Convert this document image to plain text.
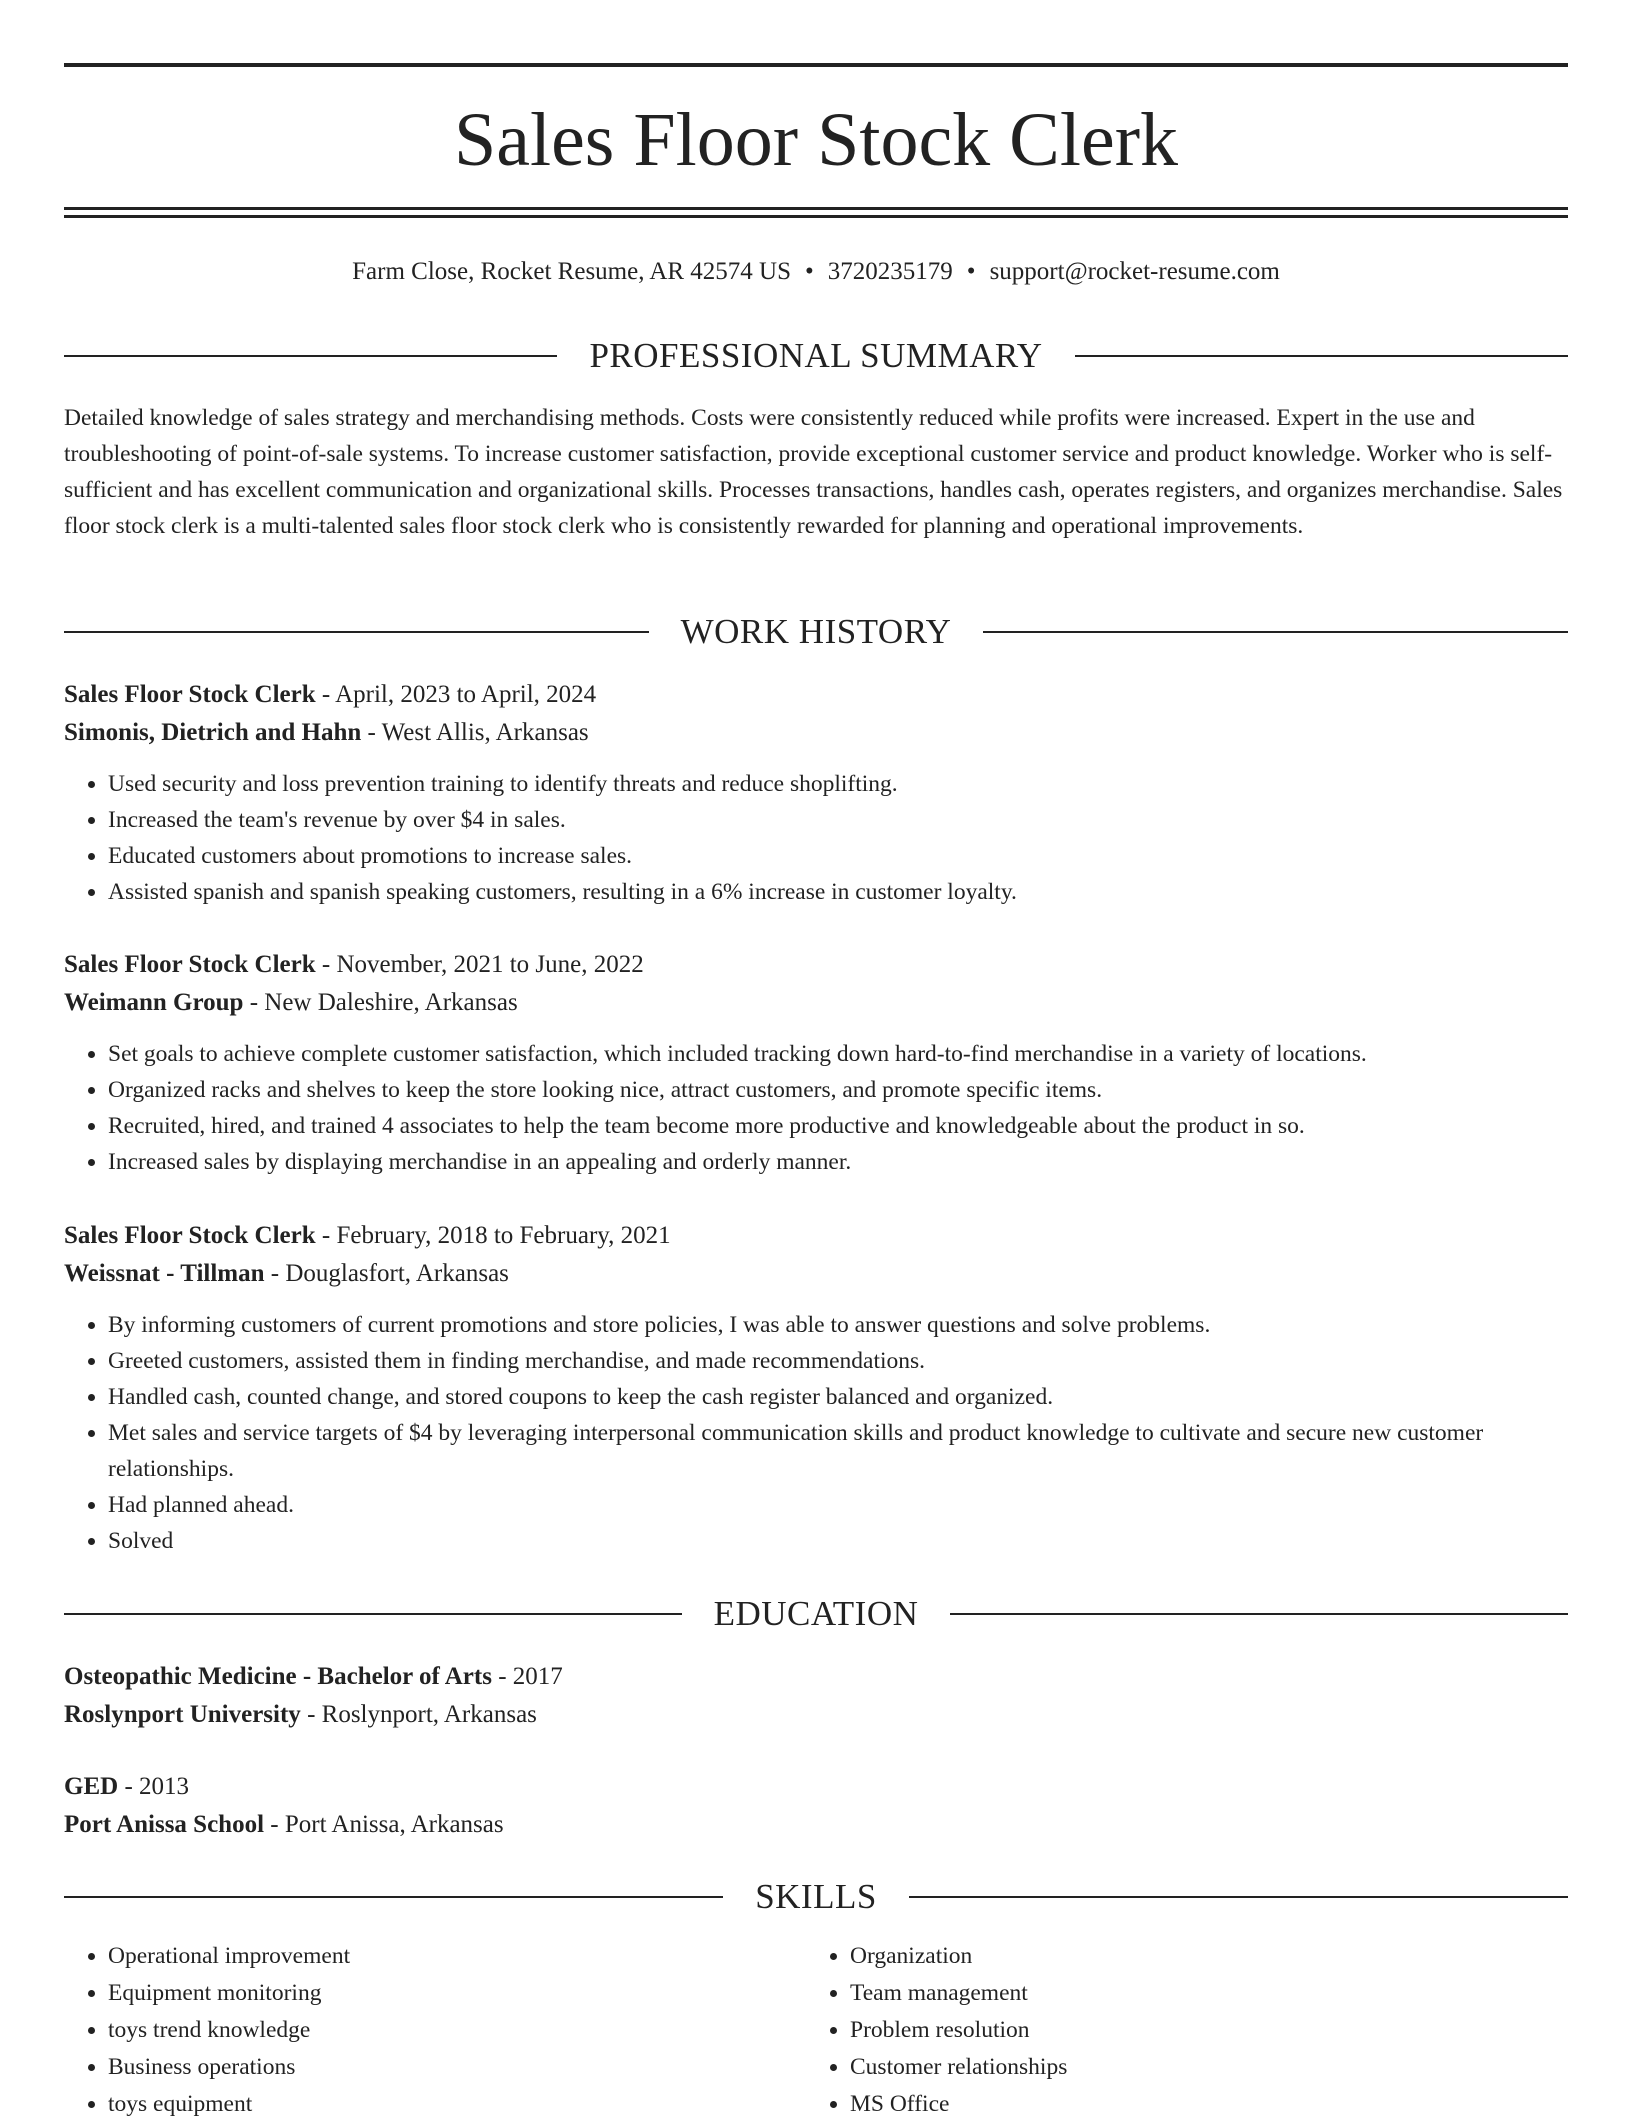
Sales Floor Stock Clerk
Farm Close, Rocket Resume, AR 42574 US • 3720235179 • support@rocket-resume.com
PROFESSIONAL SUMMARY

Detailed knowledge of sales strategy and merchandising methods. Costs were consistently reduced while profits were increased. Expert in the use and troubleshooting of point-of-sale systems. To increase customer satisfaction, provide exceptional customer service and product knowledge. Worker who is self-sufficient and has excellent communication and organizational skills. Processes transactions, handles cash, operates registers, and organizes merchandise. Sales floor stock clerk is a multi-talented sales floor stock clerk who is consistently rewarded for planning and operational improvements.

WORK HISTORY

Sales Floor Stock Clerk - April, 2023 to April, 2024

Simonis, Dietrich and Hahn - West Allis, Arkansas

• Used security and loss prevention training to identify threats and reduce shoplifting.
• Increased the team's revenue by over $4 in sales.
• Educated customers about promotions to increase sales.
• Assisted spanish and spanish speaking customers, resulting in a 6% increase in customer loyalty.

Sales Floor Stock Clerk - November, 2021 to June, 2022

Weimann Group - New Daleshire, Arkansas

• Set goals to achieve complete customer satisfaction, which included tracking down hard-to-find merchandise in a variety of locations.
• Organized racks and shelves to keep the store looking nice, attract customers, and promote specific items.
• Recruited, hired, and trained 4 associates to help the team become more productive and knowledgeable about the product in so.
• Increased sales by displaying merchandise in an appealing and orderly manner.

Sales Floor Stock Clerk - February, 2018 to February, 2021

Weissnat - Tillman - Douglasfort, Arkansas

• By informing customers of current promotions and store policies, I was able to answer questions and solve problems.
• Greeted customers, assisted them in finding merchandise, and made recommendations.
• Handled cash, counted change, and stored coupons to keep the cash register balanced and organized.
• Met sales and service targets of $4 by leveraging interpersonal communication skills and product knowledge to cultivate and secure new customer relationships.
• Had planned ahead.
• Solved
EDUCATION

Osteopathic Medicine - Bachelor of Arts - 2017

Roslynport University - Roslynport, Arkansas

GED - 2013

Port Anissa School - Port Anissa, Arkansas

SKILLS
• Operational improvement
• Equipment monitoring
• toys trend knowledge
• Business operations
• toys equipment
• Organization
• Team management
• Problem resolution
• Customer relationships
• MS Office
